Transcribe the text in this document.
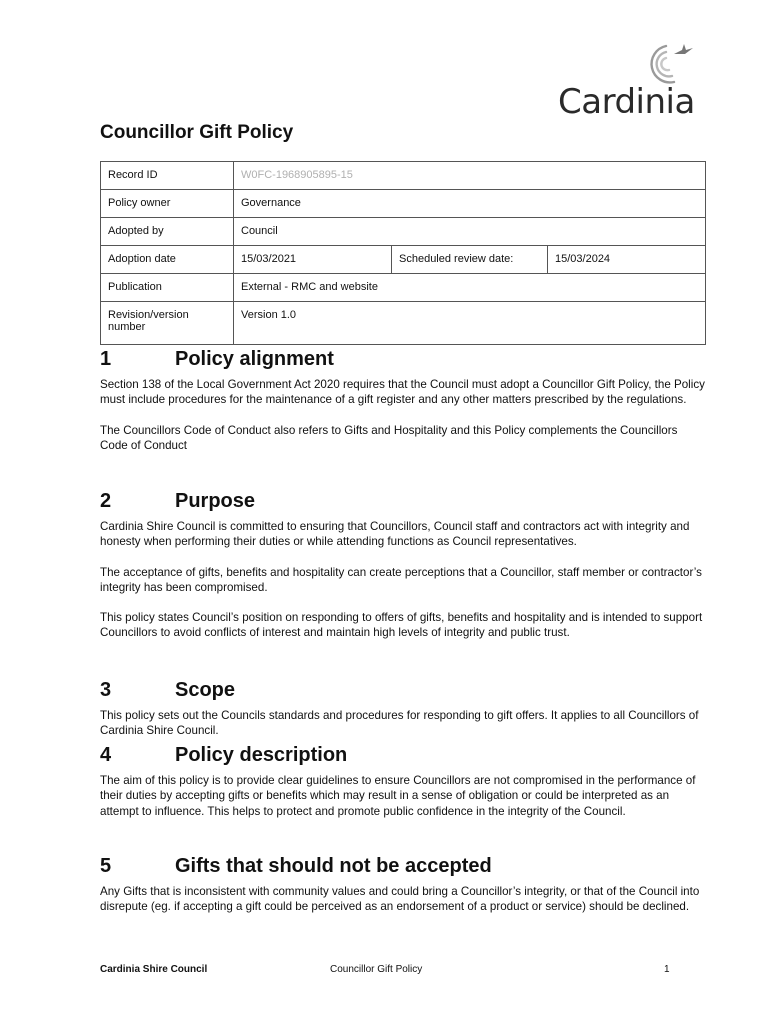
Cardinia
Councillor Gift Policy
Record ID	W0FC-1968905895-15		
Policy owner	Governance		
Adopted by	Council		
Adoption date	15/03/2021	Scheduled review date:	15/03/2024
Publication	External - RMC and website		
Revision/version number	Version 1.0		
1	Policy alignment

Section 138 of the Local Government Act 2020 requires that the Council must adopt a Councillor Gift Policy, the Policy must include procedures for the maintenance of a gift register and any other matters prescribed by the regulations.

The Councillors Code of Conduct also refers to Gifts and Hospitality and this Policy complements the Councillors Code of Conduct

2	Purpose

Cardinia Shire Council is committed to ensuring that Councillors, Council staff and contractors act with integrity and honesty when performing their duties or while attending functions as Council representatives.

The acceptance of gifts, benefits and hospitality can create perceptions that a Councillor, staff member or contractor’s integrity has been compromised.

This policy states Council’s position on responding to offers of gifts, benefits and hospitality and is intended to support Councillors to avoid conflicts of interest and maintain high levels of integrity and public trust.

3	Scope

This policy sets out the Councils standards and procedures for responding to gift offers. It applies to all Councillors of Cardinia Shire Council.

4	Policy description

The aim of this policy is to provide clear guidelines to ensure Councillors are not compromised in the performance of their duties by accepting gifts or benefits which may result in a sense of obligation or could be interpreted as an attempt to influence. This helps to protect and promote public confidence in the integrity of the Council.

5	Gifts that should not be accepted

Any Gifts that is inconsistent with community values and could bring a Councillor’s integrity, or that of the Council into disrepute (eg. if accepting a gift could be perceived as an endorsement of a product or service) should be declined.

Cardinia Shire Council	Councillor Gift Policy	1
